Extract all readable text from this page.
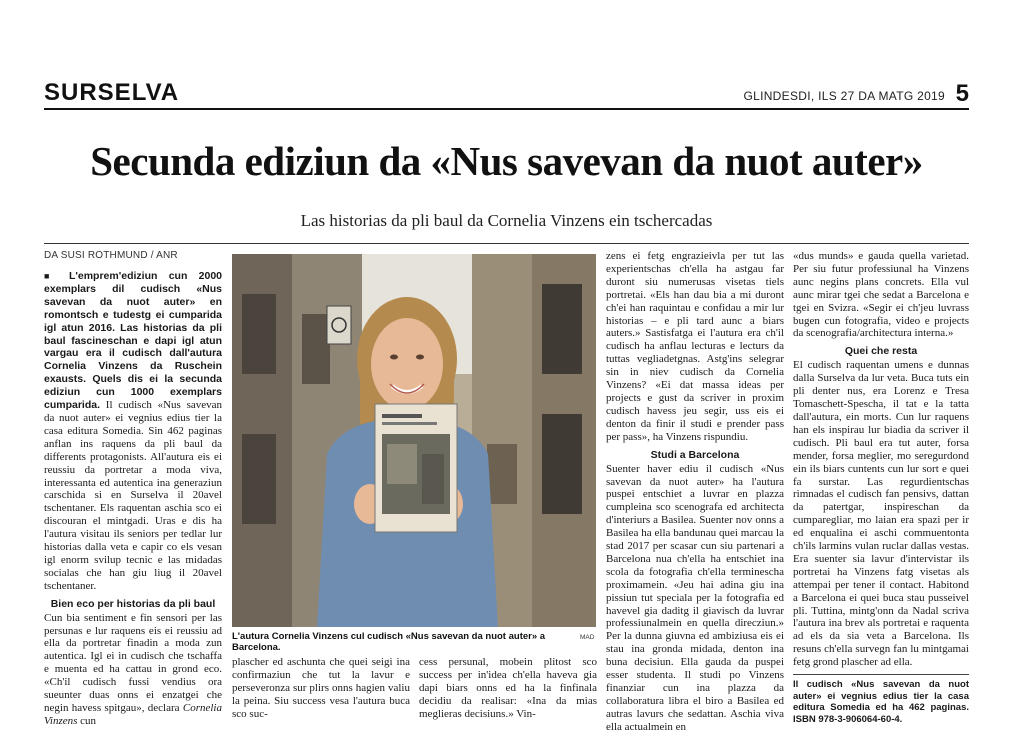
SURSELVA	GLINDESDI, ILS 27 DA MATG 2019 5
Secunda ediziun da «Nus savevan da nuot auter»
Las historias da pli baul da Cornelia Vinzens ein tschercadas
DA SUSI ROTHMUND / ANR

■ L'emprem'ediziun cun 2000 exemplars dil cudisch «Nus savevan da nuot auter» en romontsch e tudestg ei cumparida igl atun 2016. Las historias da pli baul fascineschan e dapi igl atun vargau era il cudisch dall'autura Cornelia Vinzens da Ruschein exausts. Quels dis ei la secunda ediziun cun 1000 exemplars cumparida. Il cudisch «Nus savevan da nuot auter» ei vegnius edius tier la casa editura Somedia. Sin 462 paginas anflan ins raquens da pli baul da differents protagonists. All'autura eis ei reussiu da portretar a moda viva, interessanta ed autentica ina generaziun carschida si en Surselva il 20avel tschentaner. Els raquentan aschia sco ei discouran el mintgadi. Uras e dis ha l'autura visitau ils seniors per tedlar lur historias dalla veta e capir co els vesan igl enorm svilup tecnic e las midadas socialas che han giu liug il 20avel tschentaner.

Bien eco per historias da pli baul

Cun bia sentiment e fin sensori per las persunas e lur raquens eis ei reussiu ad ella da portretar finadin a moda zun autentica. Igl ei in cudisch che tschaffa e muenta ed ha cattau in grond eco. «Ch'il cudisch fussi vendius ora sueunter duas onns ei enzatgei che negin havess spitgau», declara Cornelia Vinzens cun

L'autura Cornelia Vinzens cul cudisch «Nus savevan da nuot auter» a Barcelona.
MAD

plascher ed aschunta che quei seigi ina confirmaziun che tut la lavur e perseveronza sur plirs onns hagien valiu la peina. Siu success vesa l'autura buca sco suc-

cess persunal, mobein plitost sco success per in'idea ch'ella haveva gia dapi biars onns ed ha la finfinala decidiu da realisar: «Ina da mias meglieras decisiuns.» Vin-

zens ei fetg engrazieivla per tut las experientschas ch'ella ha astgau far duront siu numerusas visetas tiels portretai. «Els han dau bia a mi duront ch'ei han raquintau e confidau a mir lur historias – e pli tard aunc a biars auters.» Sastisfatga ei l'autura era ch'il cudisch ha anflau lecturas e lecturs da tuttas vegliadetgnas. Astg'ins selegrar sin in niev cudisch da Cornelia Vinzens? «Ei dat massa ideas per projects e gust da scriver in proxim cudisch havess jeu segir, uss eis ei denton da finir il studi e prender pass per pass», ha Vinzens rispundiu.

Studi a Barcelona

Suenter haver ediu il cudisch «Nus savevan da nuot auter» ha l'autura puspei entschiet a luvrar en plazza cumpleina sco scenografa ed architecta d'interiurs a Basilea. Suenter nov onns a Basilea ha ella bandunau quei marcau la stad 2017 per scasar cun siu partenari a Barcelona nua ch'ella ha entschiet ina scola da fotografia ch'ella terminescha proximamein. «Jeu hai adina giu ina pissiun tut speciala per la fotografia ed havevel gia daditg il giavisch da luvrar professiunalmein en quella direcziun.» Per la dunna giuvna ed ambiziusa eis ei stau ina gronda midada, denton ina buna decisiun. Ella gauda da puspei esser studenta. Il studi po Vinzens finanziar cun ina plazza da collaboratura libra el biro a Basilea ed autras lavurs che sedattan. Aschia viva ella actualmein en

«dus munds» e gauda quella varietad. Per siu futur professiunal ha Vinzens aunc negins plans concrets. Ella vul aunc mirar tgei che sedat a Barcelona e tgei en Svizra. «Segir ei ch'jeu luvrass bugen cun fotografia, video e projects da scenografia/architectura interna.»

Quei che resta

El cudisch raquentan umens e dunnas dalla Surselva da lur veta. Buca tuts ein pli denter nus, era Lorenz e Tresa Tomaschett-Spescha, il tat e la tatta dall'autura, ein morts. Cun lur raquens han els inspirau lur biadia da scriver il cudisch. Pli baul era tut auter, forsa mender, forsa meglier, mo seregurdond ein ils biars cuntents cun lur sort e quei fa surstar. Las regurdientschas rimnadas el cudisch fan pensivs, dattan da patertgar, inspireschan da cumparegliar, mo laian era spazi per ir ed enqualina ei aschi commuentonta ch'ils larmins vulan ruclar dallas vestas. Era suenter sia lavur d'intervistar ils portretai ha Vinzens fatg visetas als attempai per tener il contact. Habitond a Barcelona ei quei buca stau pusseivel pli. Tuttina, mintg'onn da Nadal scriva l'autura ina brev als portretai e raquenta ad els da sia veta a Barcelona. Ils resuns ch'ella survegn fan lu mintgamai fetg grond plascher ad ella.

Il cudisch «Nus savevan da nuot auter» ei vegnius edius tier la casa editura Somedia ed ha 462 paginas. ISBN 978-3-906064-60-4.
